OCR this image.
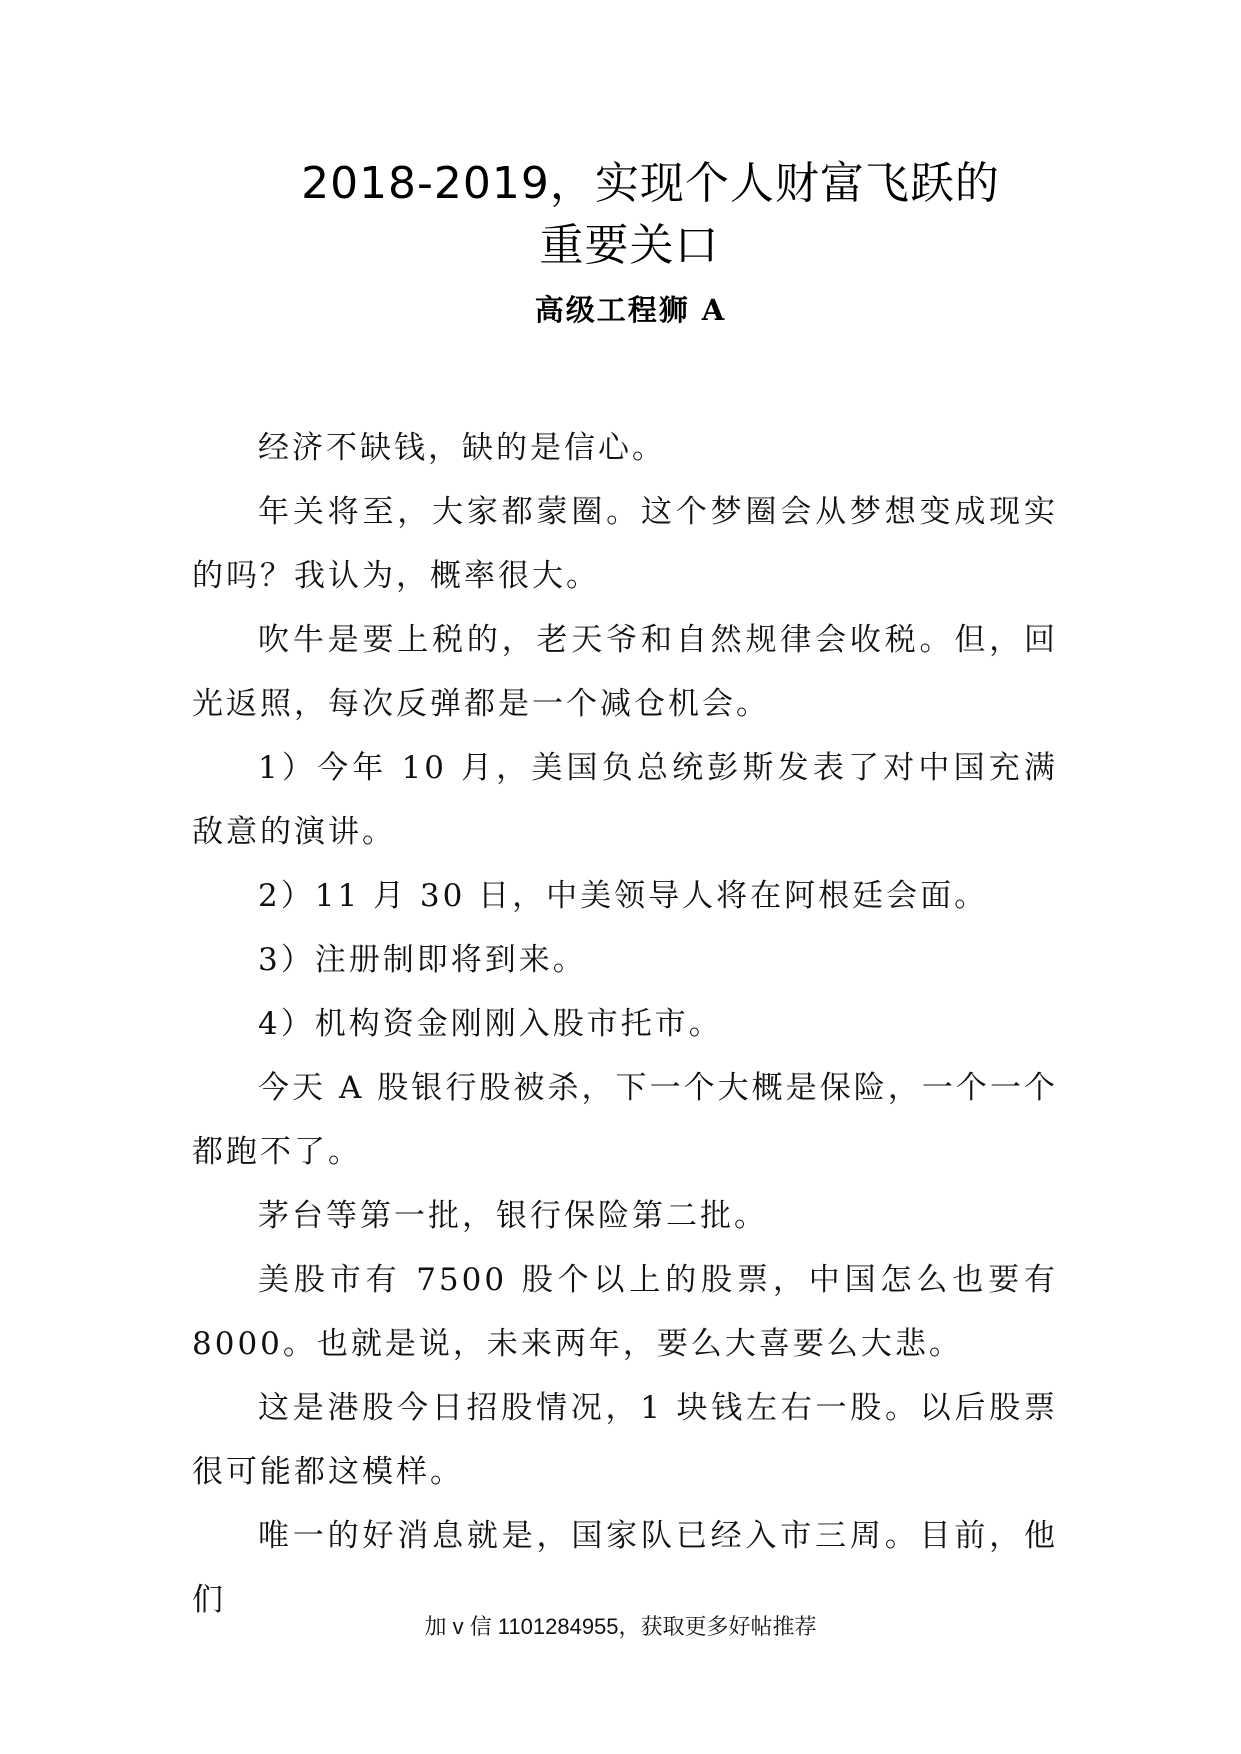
2018-2019，实现个人财富飞跃的
重要关口
高级工程狮 A

经济不缺钱，缺的是信心。

年关将至，大家都蒙圈。这个梦圈会从梦想变成现实的吗？我认为，概率很大。

吹牛是要上税的，老天爷和自然规律会收税。但，回光返照，每次反弹都是一个减仓机会。

1）今年 10 月，美国负总统彭斯发表了对中国充满敌意的演讲。

2）11 月 30 日，中美领导人将在阿根廷会面。

3）注册制即将到来。

4）机构资金刚刚入股市托市。

今天 A 股银行股被杀，下一个大概是保险，一个一个都跑不了。

茅台等第一批，银行保险第二批。

美股市有 7500 股个以上的股票，中国怎么也要有 8000。也就是说，未来两年，要么大喜要么大悲。

这是港股今日招股情况，1 块钱左右一股。以后股票很可能都这模样。

唯一的好消息就是，国家队已经入市三周。目前，他们

加 v 信 1101284955，获取更多好帖推荐
